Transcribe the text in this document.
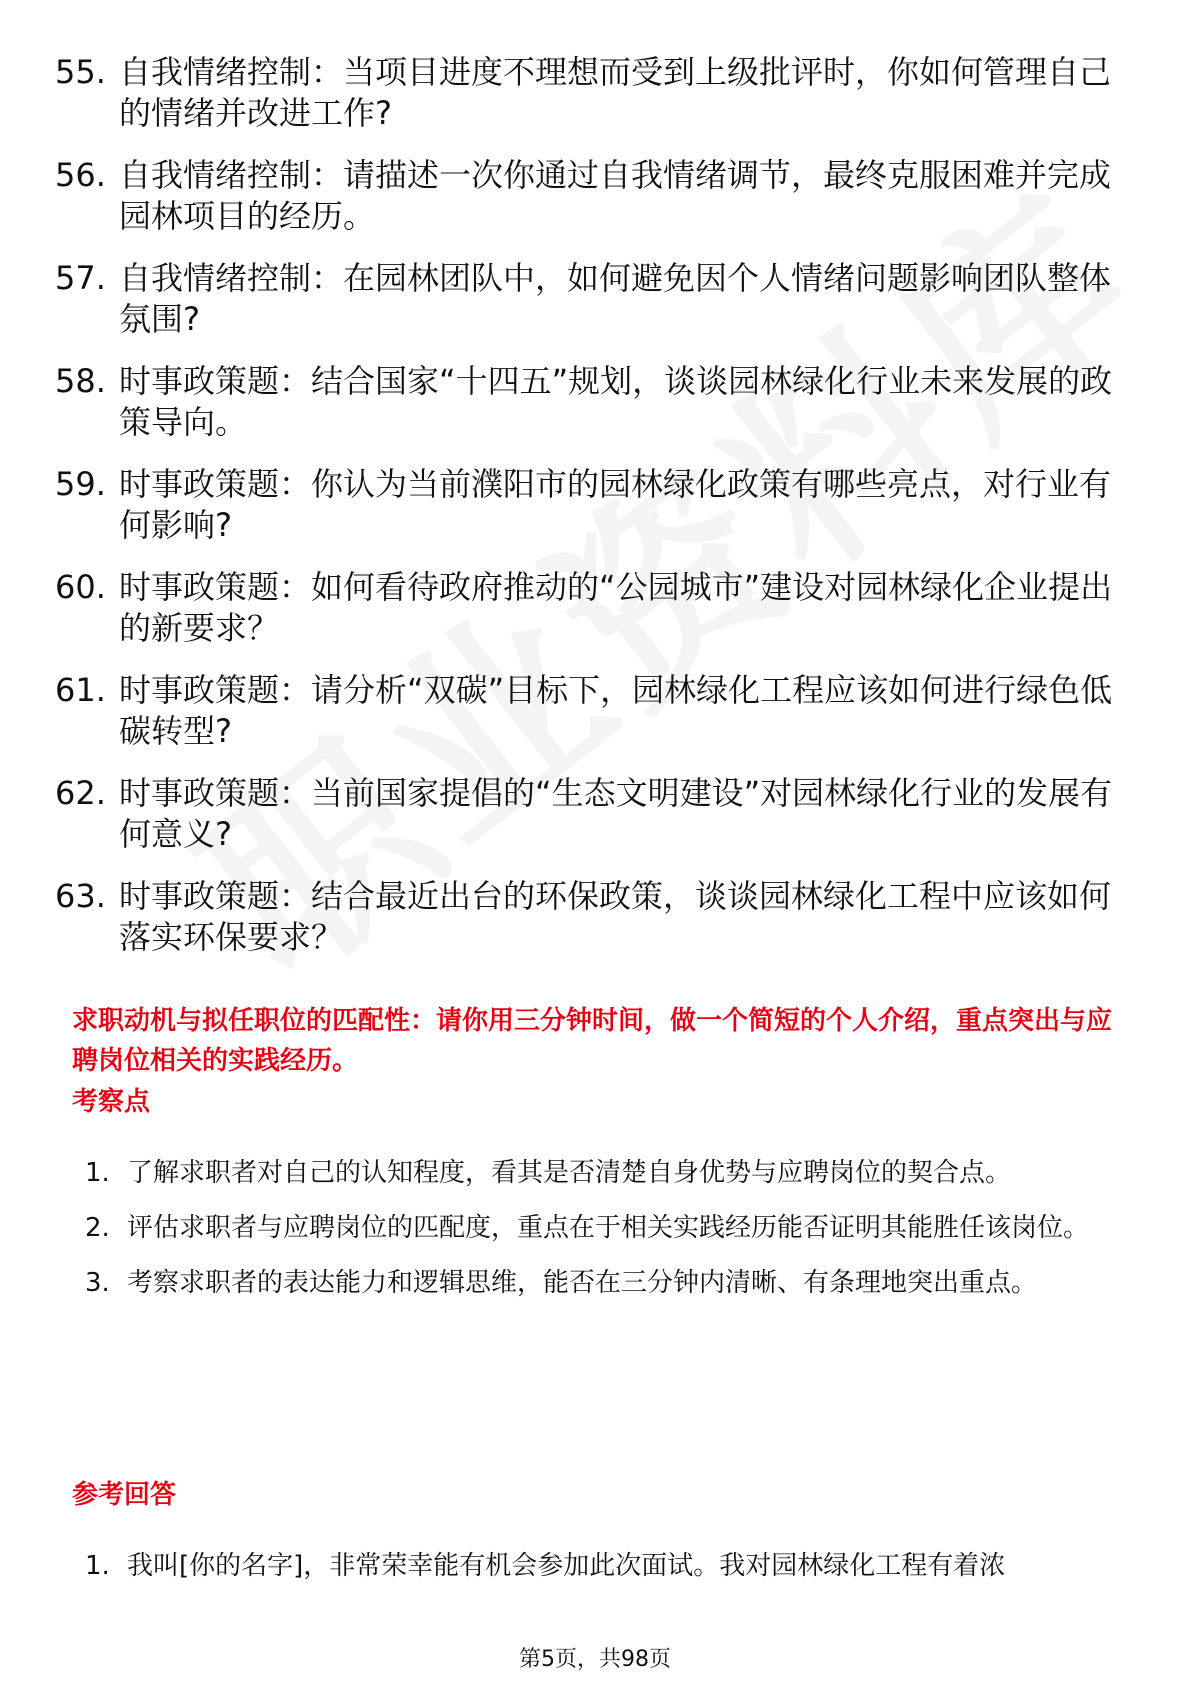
55. 自我情绪控制：当项目进度不理想而受到上级批评时，你如何管理自己的情绪并改进工作?
56. 自我情绪控制：请描述一次你通过自我情绪调节，最终克服困难并完成园林项目的经历。
57. 自我情绪控制：在园林团队中，如何避免因个人情绪问题影响团队整体氛围?
58. 时事政策题：结合国家“十四五”规划，谈谈园林绿化行业未来发展的政策导向。
59. 时事政策题：你认为当前濮阳市的园林绿化政策有哪些亮点，对行业有何影响?
60. 时事政策题：如何看待政府推动的“公园城市”建设对园林绿化企业提出的新要求？
61. 时事政策题：请分析“双碳”目标下，园林绿化工程应该如何进行绿色低碳转型?
62. 时事政策题：当前国家提倡的“生态文明建设”对园林绿化行业的发展有何意义?
63. 时事政策题：结合最近出台的环保政策，谈谈园林绿化工程中应该如何落实环保要求？
求职动机与拟任职位的匹配性：请你用三分钟时间，做一个简短的个人介绍，重点突出与应聘岗位相关的实践经历。
考察点
1. 了解求职者对自己的认知程度，看其是否清楚自身优势与应聘岗位的契合点。
2. 评估求职者与应聘岗位的匹配度，重点在于相关实践经历能否证明其能胜任该岗位。
3. 考察求职者的表达能力和逻辑思维，能否在三分钟内清晰、有条理地突出重点。
参考回答
1. 我叫[你的名字]，非常荣幸能有机会参加此次面试。我对园林绿化工程有着浓
第5页，共98页
